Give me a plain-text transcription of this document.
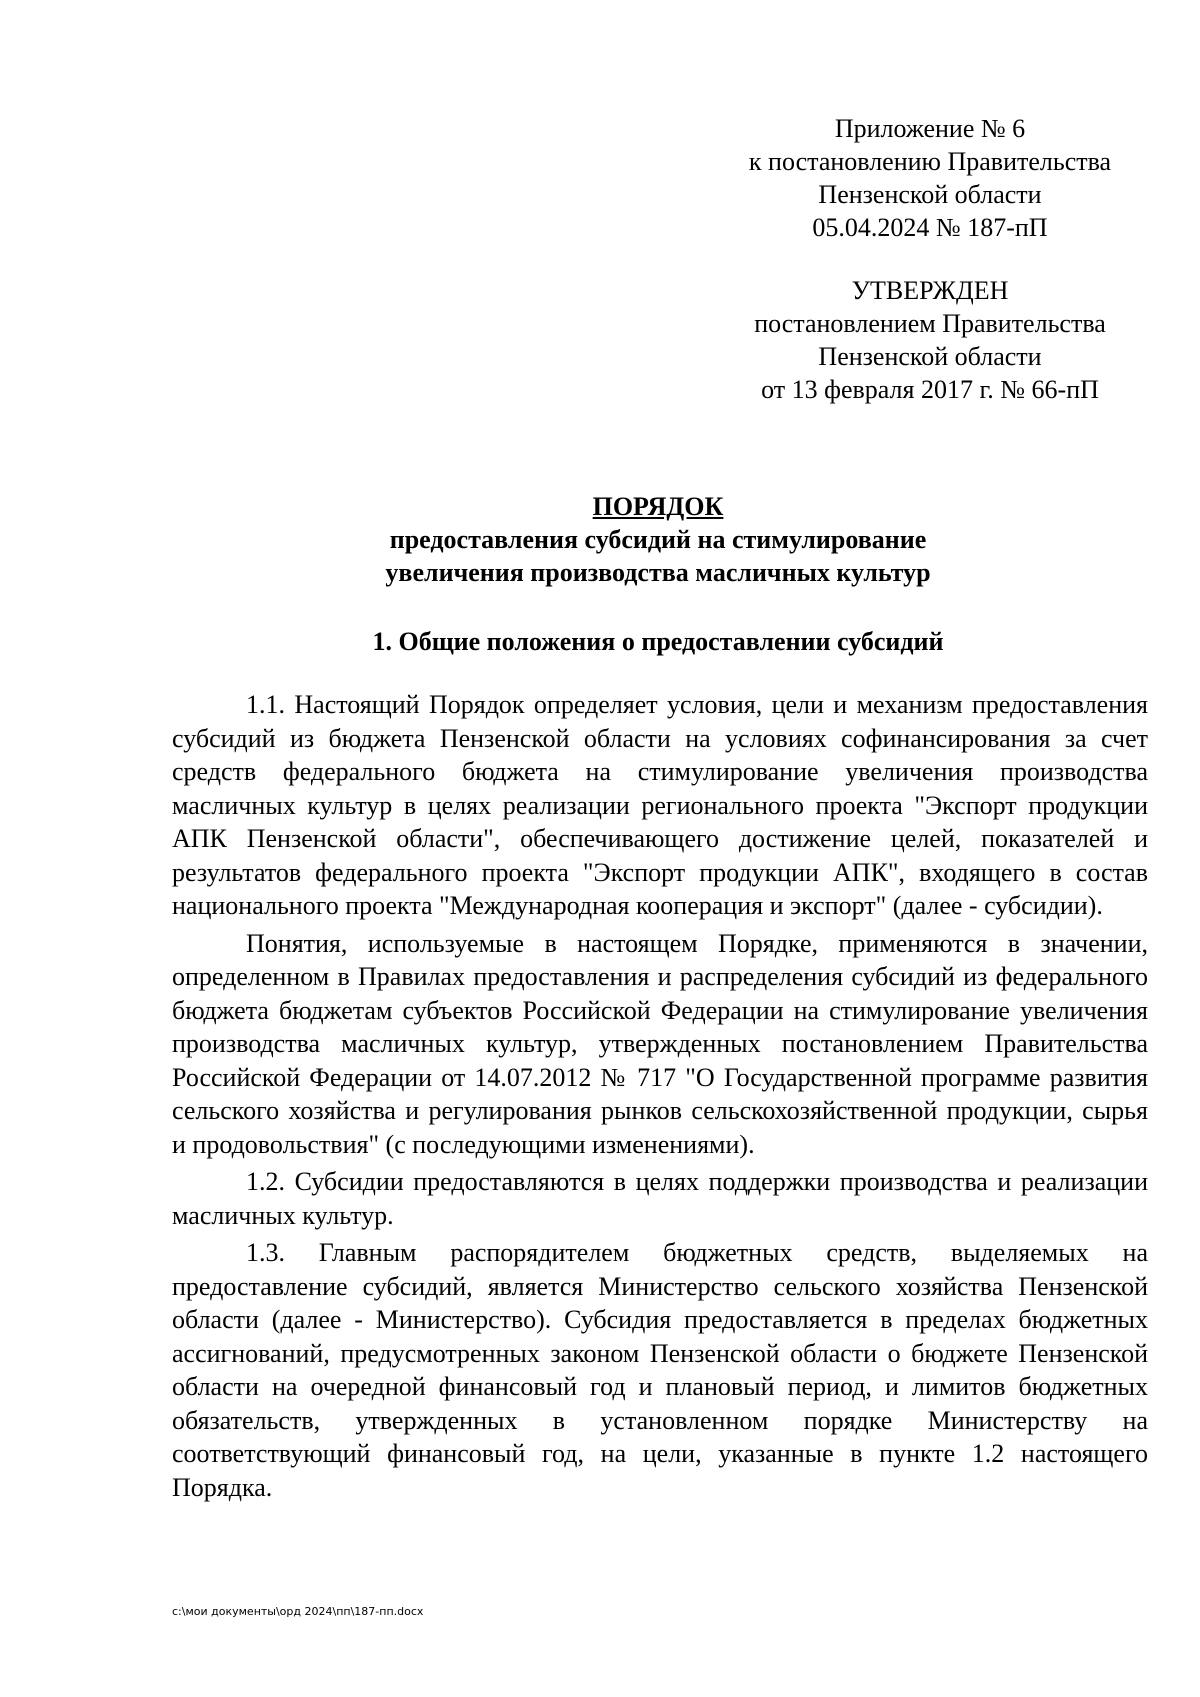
Приложение № 6
к постановлению Правительства
Пензенской области
05.04.2024 № 187-пП
УТВЕРЖДЕН
постановлением Правительства
Пензенской области
от 13 февраля 2017 г. № 66-пП
ПОРЯДОК
предоставления субсидий на стимулирование
увеличения производства масличных культур
1. Общие положения о предоставлении субсидий

1.1. Настоящий Порядок определяет условия, цели и механизм предоставления субсидий из бюджета Пензенской области на условиях софинансирования за счет средств федерального бюджета на стимулирование увеличения производства масличных культур в целях реализации регионального проекта "Экспорт продукции АПК Пензенской области", обеспечивающего достижение целей, показателей и результатов федерального проекта "Экспорт продукции АПК", входящего в состав национального проекта "Международная кооперация и экспорт" (далее - субсидии).

Понятия, используемые в настоящем Порядке, применяются в значении, определенном в Правилах предоставления и распределения субсидий из федерального бюджета бюджетам субъектов Российской Федерации на стимулирование увеличения производства масличных культур, утвержденных постановлением Правительства Российской Федерации от 14.07.2012 № 717 "О Государственной программе развития сельского хозяйства и регулирования рынков сельскохозяйственной продукции, сырья и продовольствия" (с последующими изменениями).

1.2. Субсидии предоставляются в целях поддержки производства и реализации масличных культур.

1.3. Главным распорядителем бюджетных средств, выделяемых на предоставление субсидий, является Министерство сельского хозяйства Пензенской области (далее - Министерство). Субсидия предоставляется в пределах бюджетных ассигнований, предусмотренных законом Пензенской области о бюджете Пензенской области на очередной финансовый год и плановый период, и лимитов бюджетных обязательств, утвержденных в установленном порядке Министерству на соответствующий финансовый год, на цели, указанные в пункте 1.2 настоящего Порядка.

c:\мои документы\орд 2024\пп\187-пп.docx
